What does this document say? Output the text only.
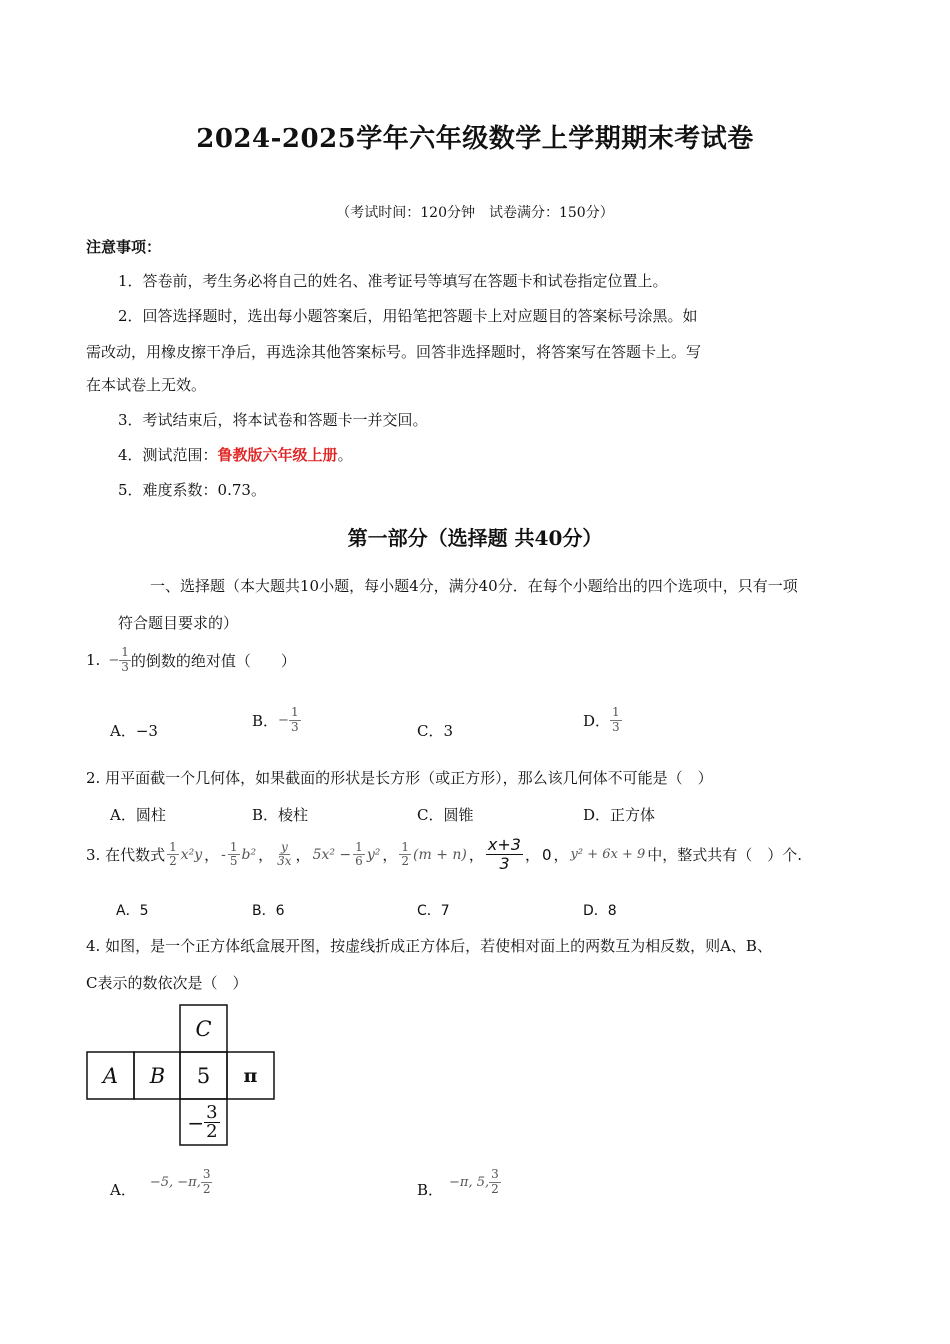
2024-2025学年六年级数学上学期期末考试卷
（考试时间：120分钟　试卷满分：150分）
注意事项：
1．答卷前，考生务必将自己的姓名、准考证号等填写在答题卡和试卷指定位置上。
2．回答选择题时，选出每小题答案后，用铅笔把答题卡上对应题目的答案标号涂黑。如
需改动，用橡皮擦干净后，再选涂其他答案标号。回答非选择题时，将答案写在答题卡上。写
在本试卷上无效。
3．考试结束后，将本试卷和答题卡一并交回。
4．测试范围：鲁教版六年级上册。
5．难度系数：0.73。
第一部分（选择题 共40分）
一、选择题（本大题共10小题，每小题4分，满分40分．在每个小题给出的四个选项中，只有一项
符合题目要求的）
1. − $\frac{1}{3}$ 的倒数的绝对值（　　）
A．−3
B． − $\frac{1}{3}$	C．3
D． $\frac{1}{3}$
2. 用平面截一个几何体，如果截面的形状是长方形（或正方形），那么该几何体不可能是（　）
A．圆柱	B．棱柱	C．圆锥	D．正方体
3. 在代数式 $\frac{1}{2} x^2y$ ， - $\frac{1}{5} b^2$ ， $\frac{y}{3x}$ ， $5x^2 - \frac{1}{6} y^2$ ， $\frac{1}{2} (m + n)$ ， $\frac{x+3}{3}$ ， 0 ， y² + 6x + 9 中，整式共有（　）个.
A．5	B．6	C．7	D．8
4. 如图，是一个正方体纸盒展开图，按虚线折成正方体后，若使相对面上的两数互为相反数，则A、B、
C表示的数依次是（　）
C
A	B	5	π
− $\frac{3}{2}$
A． −5, −π, $\frac{3}{2}$	B． −π, 5, $\frac{3}{2}$
